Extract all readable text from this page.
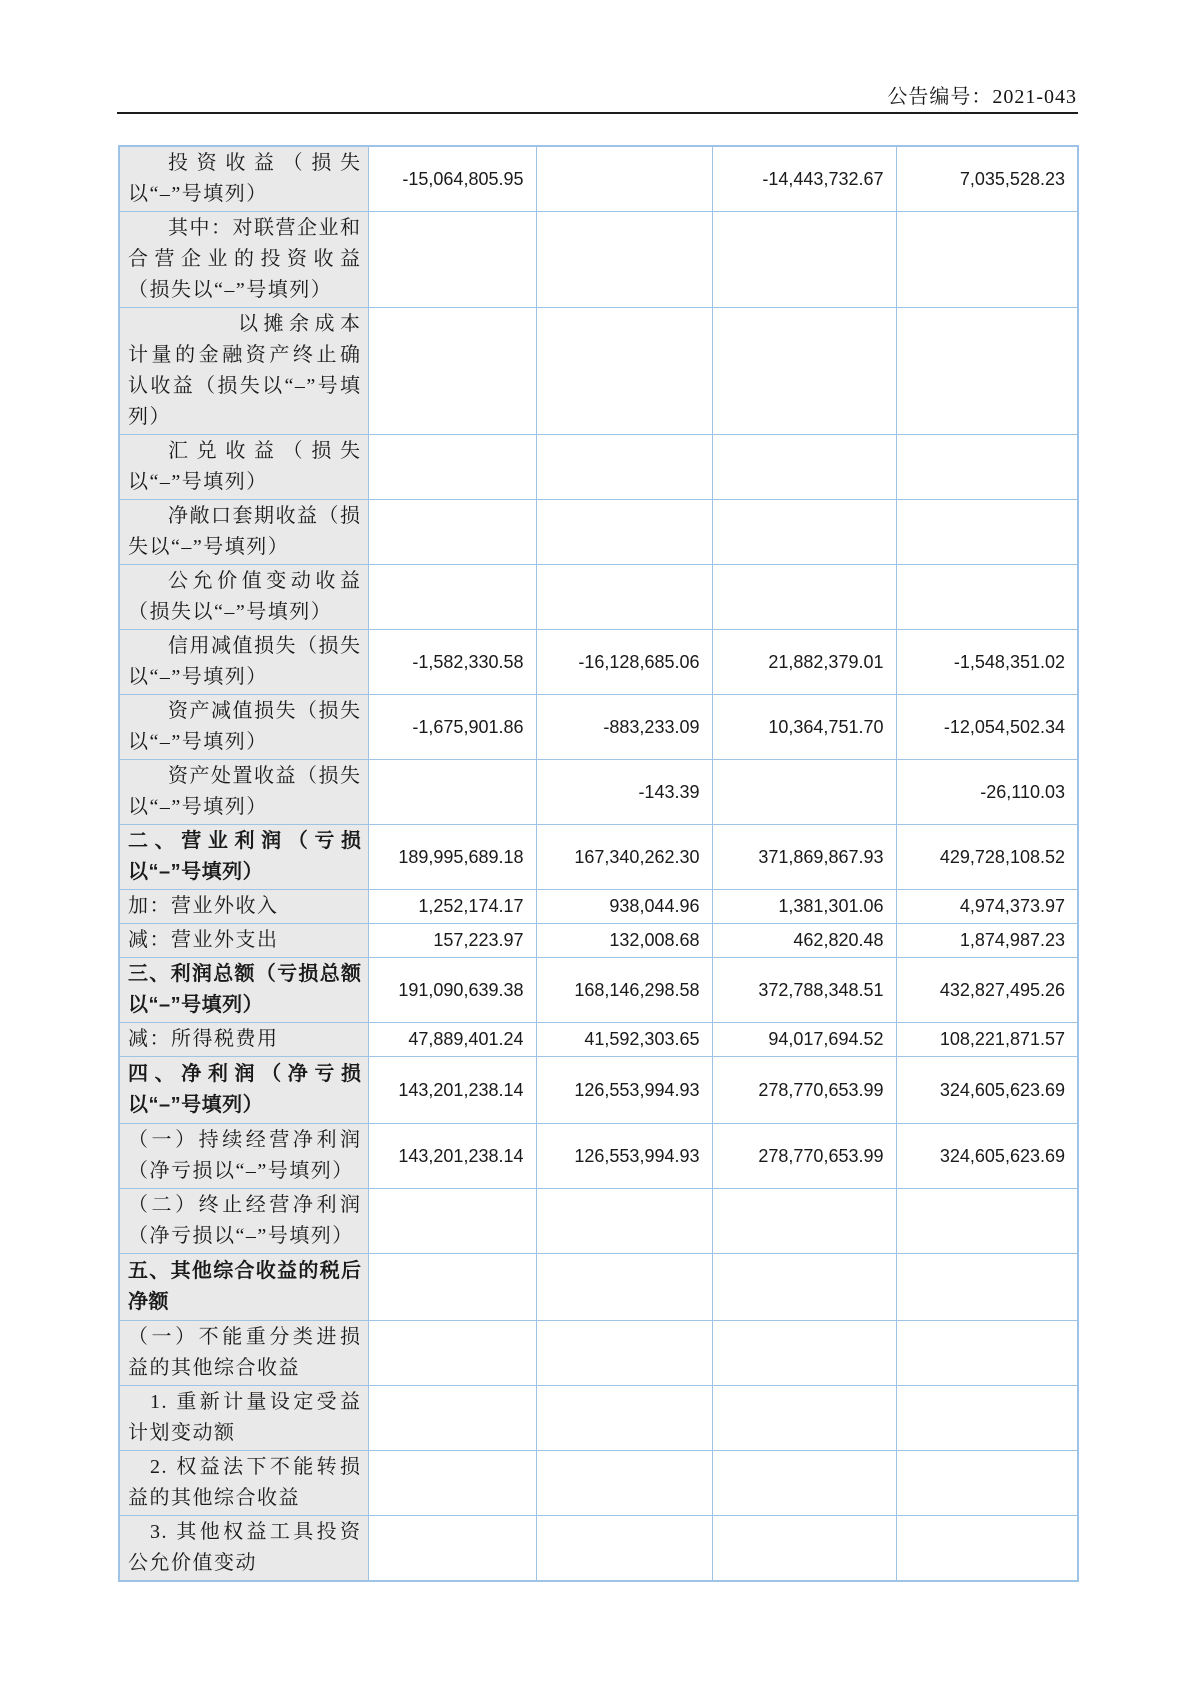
公告编号：2021-043
投资收益（损失以“–”号填列）	-15,064,805.95		-14,443,732.67	7,035,528.23
其中：对联营企业和合营企业的投资收益（损失以“–”号填列）				
以摊余成本计量的金融资产终止确认收益（损失以“–”号填列）				
汇兑收益（损失以“–”号填列）				
净敞口套期收益（损失以“–”号填列）				
公允价值变动收益（损失以“–”号填列）				
信用减值损失（损失以“–”号填列）	-1,582,330.58	-16,128,685.06	21,882,379.01	-1,548,351.02
资产减值损失（损失以“–”号填列）	-1,675,901.86	-883,233.09	10,364,751.70	-12,054,502.34
资产处置收益（损失以“–”号填列）		-143.39		-26,110.03
二、营业利润（亏损以“–”号填列）	189,995,689.18	167,340,262.30	371,869,867.93	429,728,108.52
加：营业外收入	1,252,174.17	938,044.96	1,381,301.06	4,974,373.97
减：营业外支出	157,223.97	132,008.68	462,820.48	1,874,987.23
三、利润总额（亏损总额以“–”号填列）	191,090,639.38	168,146,298.58	372,788,348.51	432,827,495.26
减：所得税费用	47,889,401.24	41,592,303.65	94,017,694.52	108,221,871.57
四、净利润（净亏损以“–”号填列）	143,201,238.14	126,553,994.93	278,770,653.99	324,605,623.69
（一）持续经营净利润（净亏损以“–”号填列）	143,201,238.14	126,553,994.93	278,770,653.99	324,605,623.69
（二）终止经营净利润（净亏损以“–”号填列）				
五、其他综合收益的税后净额				
（一）不能重分类进损益的其他综合收益				
1. 重新计量设定受益计划变动额				
2. 权益法下不能转损益的其他综合收益				
3. 其他权益工具投资公允价值变动				
